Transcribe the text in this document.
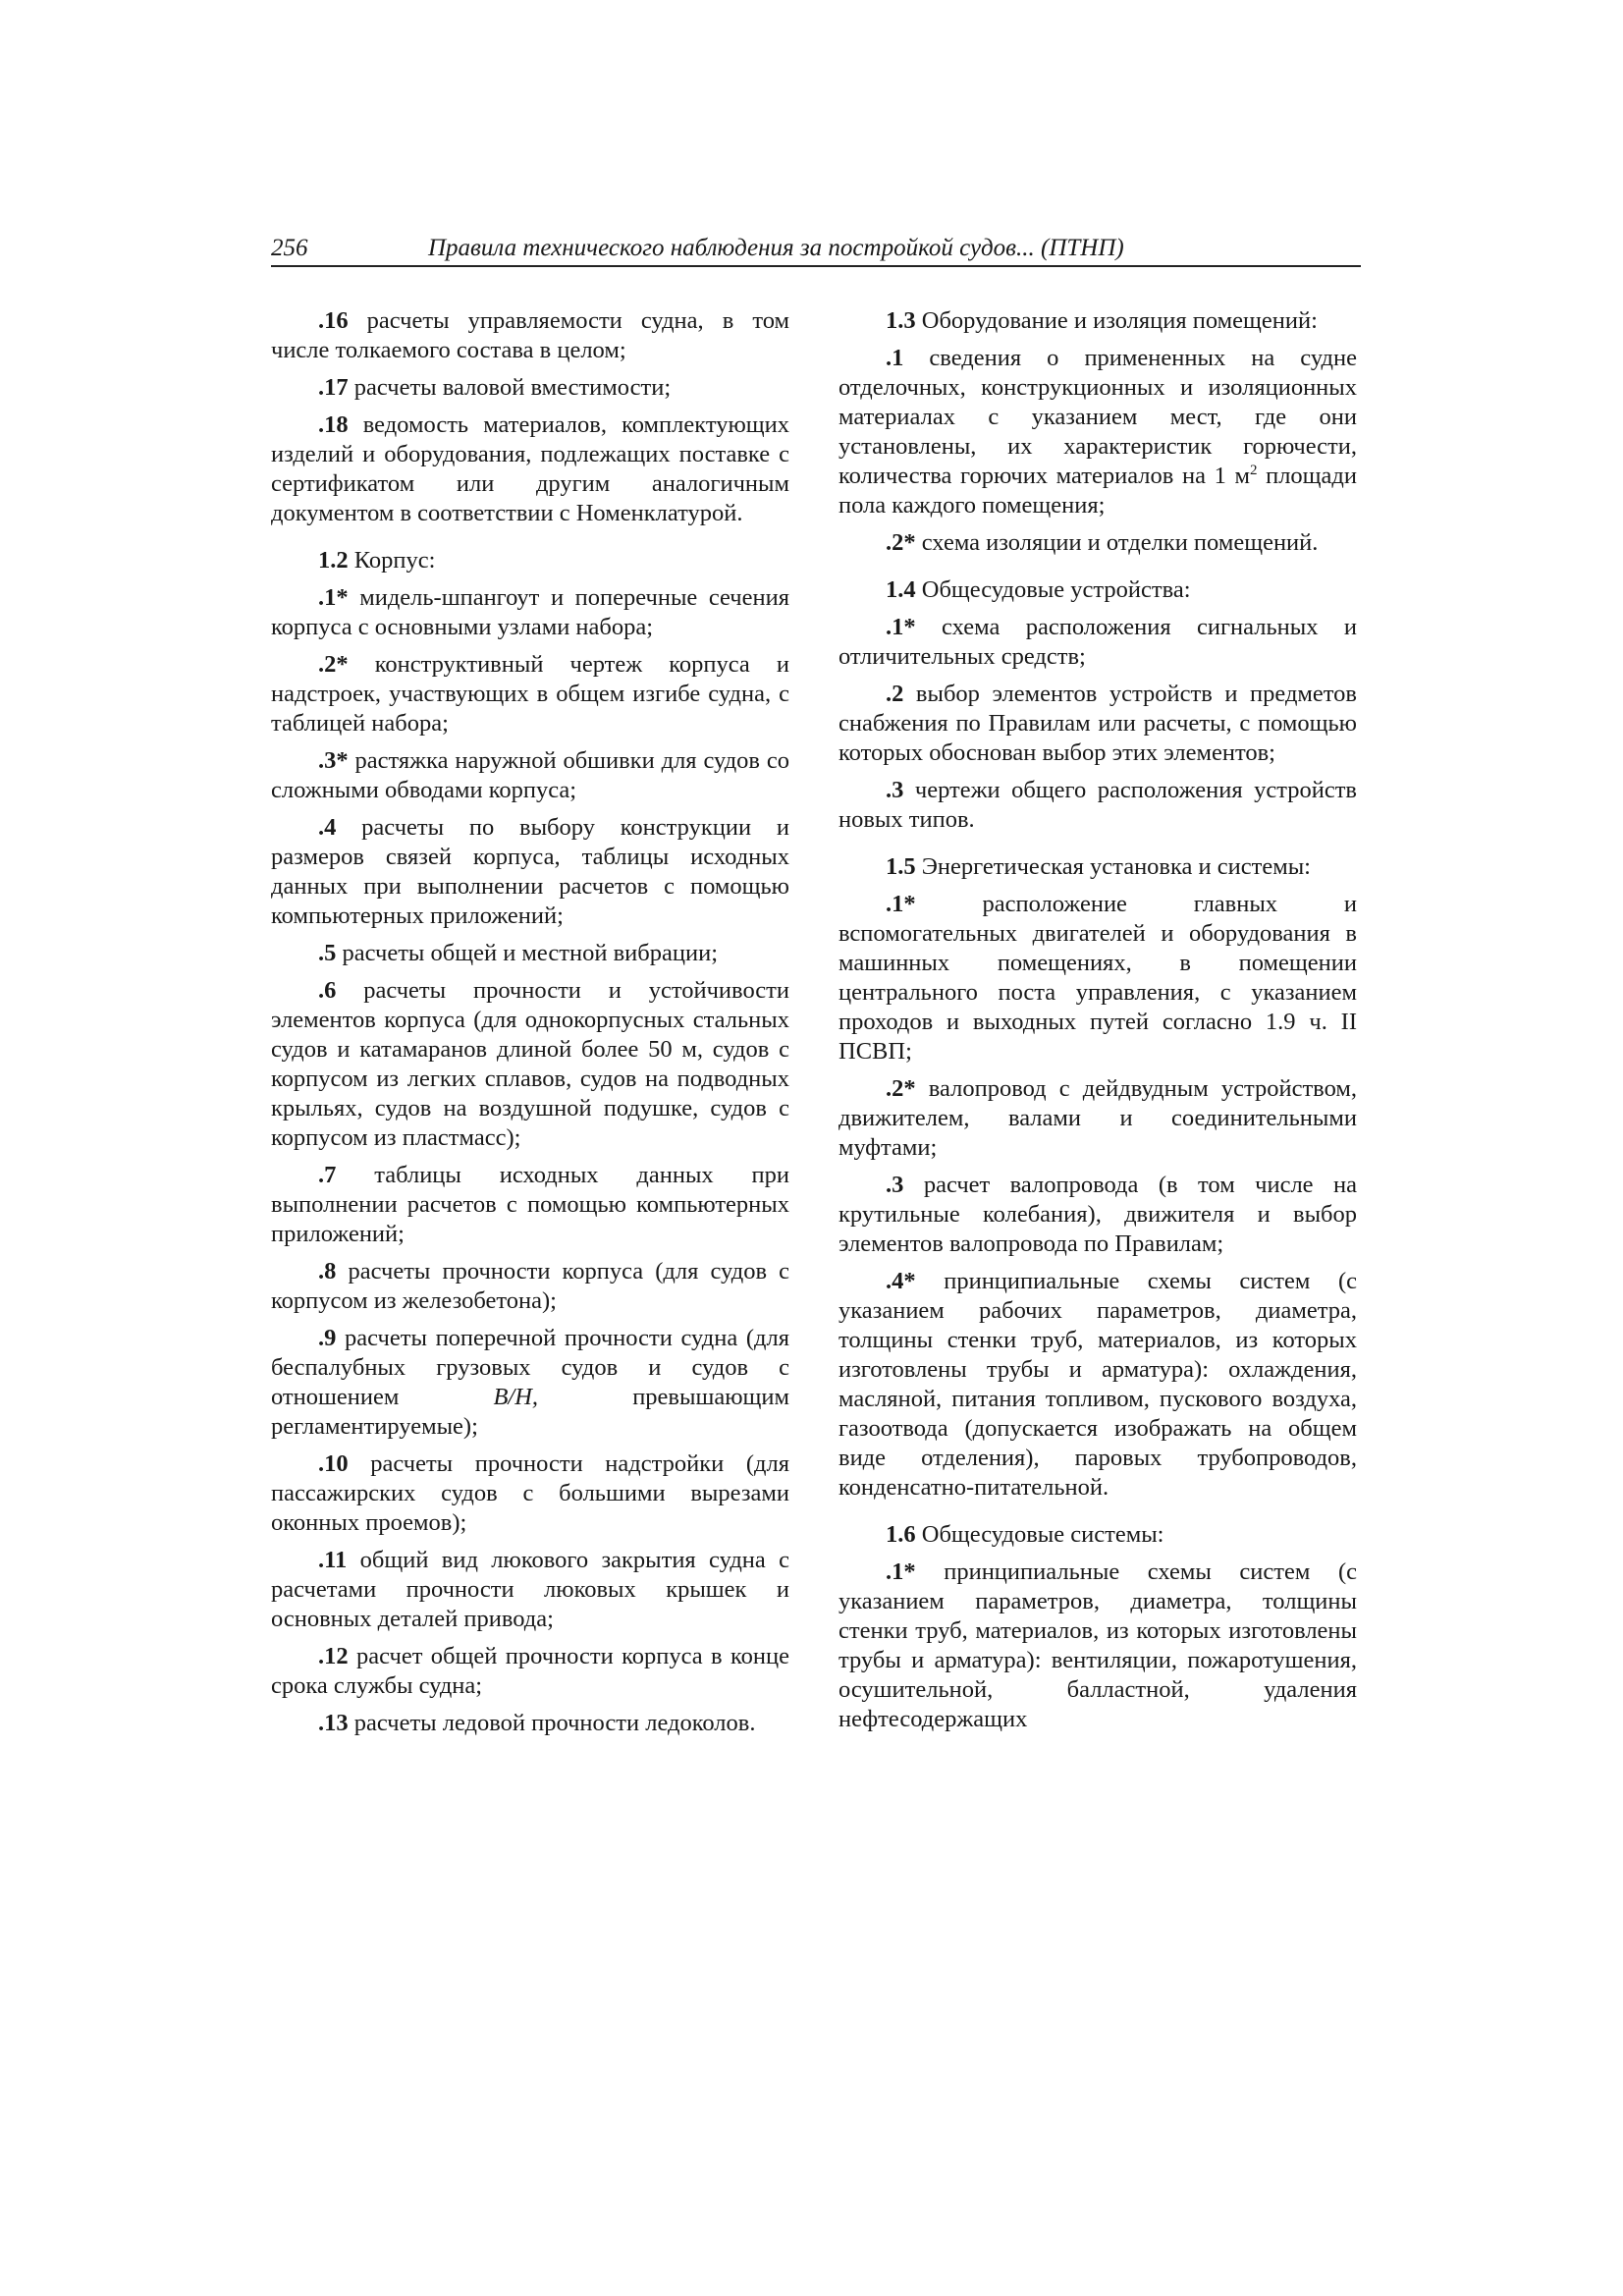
256	Правила технического наблюдения за постройкой судов... (ПТНП)

.16 расчеты управляемости судна, в том числе толкаемого состава в целом;

.17 расчеты валовой вместимости;

.18 ведомость материалов, комплектующих изделий и оборудования, подлежащих поставке с сертификатом или другим аналогичным документом в соответствии с Номенклатурой.

1.2 Корпус:

.1* мидель-шпангоут и поперечные сечения корпуса с основными узлами набора;

.2* конструктивный чертеж корпуса и надстроек, участвующих в общем изгибе судна, с таблицей набора;

.3* растяжка наружной обшивки для судов со сложными обводами корпуса;

.4 расчеты по выбору конструкции и размеров связей корпуса, таблицы исходных данных при выполнении расчетов с помощью компьютерных приложений;

.5 расчеты общей и местной вибрации;

.6 расчеты прочности и устойчивости элементов корпуса (для однокорпусных стальных судов и катамаранов длиной более 50 м, судов с корпусом из легких сплавов, судов на подводных крыльях, судов на воздушной подушке, судов с корпусом из пластмасс);

.7 таблицы исходных данных при выполнении расчетов с помощью компьютерных приложений;

.8 расчеты прочности корпуса (для судов с корпусом из железобетона);

.9 расчеты поперечной прочности судна (для беспалубных грузовых судов и судов с отношением B/H, превышающим регламентируемые);

.10 расчеты прочности надстройки (для пассажирских судов с большими вырезами оконных проемов);

.11 общий вид люкового закрытия судна с расчетами прочности люковых крышек и основных деталей привода;

.12 расчет общей прочности корпуса в конце срока службы судна;

.13 расчеты ледовой прочности ледоколов.

1.3 Оборудование и изоляция помещений:

.1 сведения о примененных на судне отделочных, конструкционных и изоляционных материалах с указанием мест, где они установлены, их характеристик горючести, количества горючих материалов на 1 $м^2$ площади пола каждого помещения;

.2* схема изоляции и отделки помещений.

1.4 Общесудовые устройства:

.1* схема расположения сигнальных и отличительных средств;

.2 выбор элементов устройств и предметов снабжения по Правилам или расчеты, с помощью которых обоснован выбор этих элементов;

.3 чертежи общего расположения устройств новых типов.

1.5 Энергетическая установка и системы:

.1* расположение главных и вспомогательных двигателей и оборудования в машинных помещениях, в помещении центрального поста управления, с указанием проходов и выходных путей согласно 1.9 ч. II ПСВП;

.2* валопровод с дейдвудным устройством, движителем, валами и соединительными муфтами;

.3 расчет валопровода (в том числе на крутильные колебания), движителя и выбор элементов валопровода по Правилам;

.4* принципиальные схемы систем (с указанием рабочих параметров, диаметра, толщины стенки труб, материалов, из которых изготовлены трубы и арматура): охлаждения, масляной, питания топливом, пускового воздуха, газоотвода (допускается изображать на общем виде отделения), паровых трубопроводов, конденсатно-питательной.

1.6 Общесудовые системы:

.1* принципиальные схемы систем (с указанием параметров, диаметра, толщины стенки труб, материалов, из которых изготовлены трубы и арматура): вентиляции, пожаротушения, осушительной, балластной, удаления нефтесодержащих
